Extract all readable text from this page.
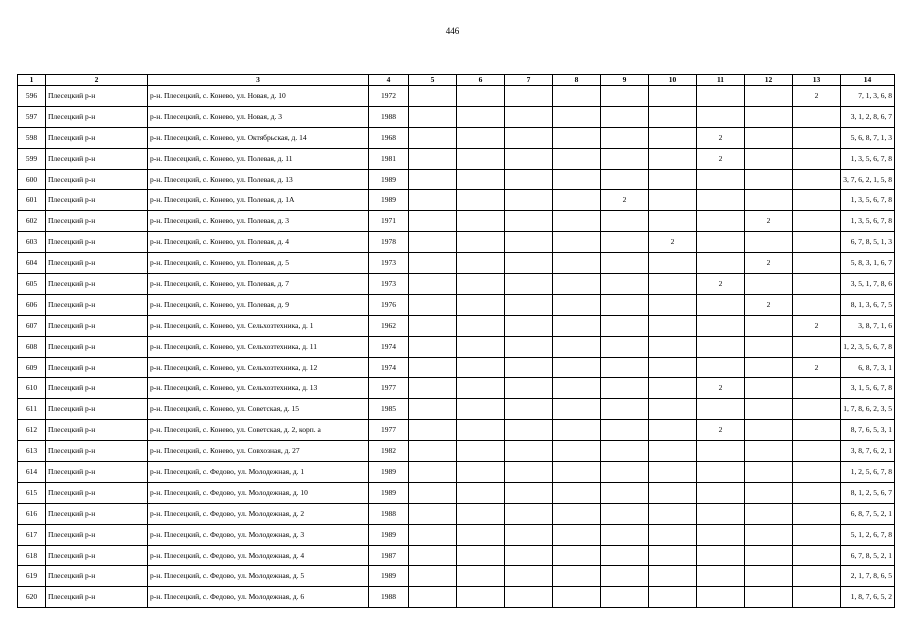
446
1	2	3	4	5	6	7	8	9	10	11	12	13	14
596	Плесецкий р-н	р-н. Плесецкий, с. Конево, ул. Новая, д. 10	1972									2	7, 1, 3, 6, 8
597	Плесецкий р-н	р-н. Плесецкий, с. Конево, ул. Новая, д. 3	1988										3, 1, 2, 8, 6, 7
598	Плесецкий р-н	р-н. Плесецкий, с. Конево, ул. Октябрьская, д. 14	1968							2			5, 6, 8, 7, 1, 3
599	Плесецкий р-н	р-н. Плесецкий, с. Конево, ул. Полевая, д. 11	1981							2			1, 3, 5, 6, 7, 8
600	Плесецкий р-н	р-н. Плесецкий, с. Конево, ул. Полевая, д. 13	1989										3, 7, 6, 2, 1, 5, 8
601	Плесецкий р-н	р-н. Плесецкий, с. Конево, ул. Полевая, д. 1А	1989					2					1, 3, 5, 6, 7, 8
602	Плесецкий р-н	р-н. Плесецкий, с. Конево, ул. Полевая, д. 3	1971								2		1, 3, 5, 6, 7, 8
603	Плесецкий р-н	р-н. Плесецкий, с. Конево, ул. Полевая, д. 4	1978						2				6, 7, 8, 5, 1, 3
604	Плесецкий р-н	р-н. Плесецкий, с. Конево, ул. Полевая, д. 5	1973								2		5, 8, 3, 1, 6, 7
605	Плесецкий р-н	р-н. Плесецкий, с. Конево, ул. Полевая, д. 7	1973							2			3, 5, 1, 7, 8, 6
606	Плесецкий р-н	р-н. Плесецкий, с. Конево, ул. Полевая, д. 9	1976								2		8, 1, 3, 6, 7, 5
607	Плесецкий р-н	р-н. Плесецкий, с. Конево, ул. Сельхозтехника, д. 1	1962									2	3, 8, 7, 1, 6
608	Плесецкий р-н	р-н. Плесецкий, с. Конево, ул. Сельхозтехника, д. 11	1974										1, 2, 3, 5, 6, 7, 8
609	Плесецкий р-н	р-н. Плесецкий, с. Конево, ул. Сельхозтехника, д. 12	1974									2	6, 8, 7, 3, 1
610	Плесецкий р-н	р-н. Плесецкий, с. Конево, ул. Сельхозтехника, д. 13	1977							2			3, 1, 5, 6, 7, 8
611	Плесецкий р-н	р-н. Плесецкий, с. Конево, ул. Советская, д. 15	1985										1, 7, 8, 6, 2, 3, 5
612	Плесецкий р-н	р-н. Плесецкий, с. Конево, ул. Советская, д. 2, корп. а	1977							2			8, 7, 6, 5, 3, 1
613	Плесецкий р-н	р-н. Плесецкий, с. Конево, ул. Совхозная, д. 27	1982										3, 8, 7, 6, 2, 1
614	Плесецкий р-н	р-н. Плесецкий, с. Федово, ул. Молодежная, д. 1	1989										1, 2, 5, 6, 7, 8
615	Плесецкий р-н	р-н. Плесецкий, с. Федово, ул. Молодежная, д. 10	1989										8, 1, 2, 5, 6, 7
616	Плесецкий р-н	р-н. Плесецкий, с. Федово, ул. Молодежная, д. 2	1988										6, 8, 7, 5, 2, 1
617	Плесецкий р-н	р-н. Плесецкий, с. Федово, ул. Молодежная, д. 3	1989										5, 1, 2, 6, 7, 8
618	Плесецкий р-н	р-н. Плесецкий, с. Федово, ул. Молодежная, д. 4	1987										6, 7, 8, 5, 2, 1
619	Плесецкий р-н	р-н. Плесецкий, с. Федово, ул. Молодежная, д. 5	1989										2, 1, 7, 8, 6, 5
620	Плесецкий р-н	р-н. Плесецкий, с. Федово, ул. Молодежная, д. 6	1988										1, 8, 7, 6, 5, 2
